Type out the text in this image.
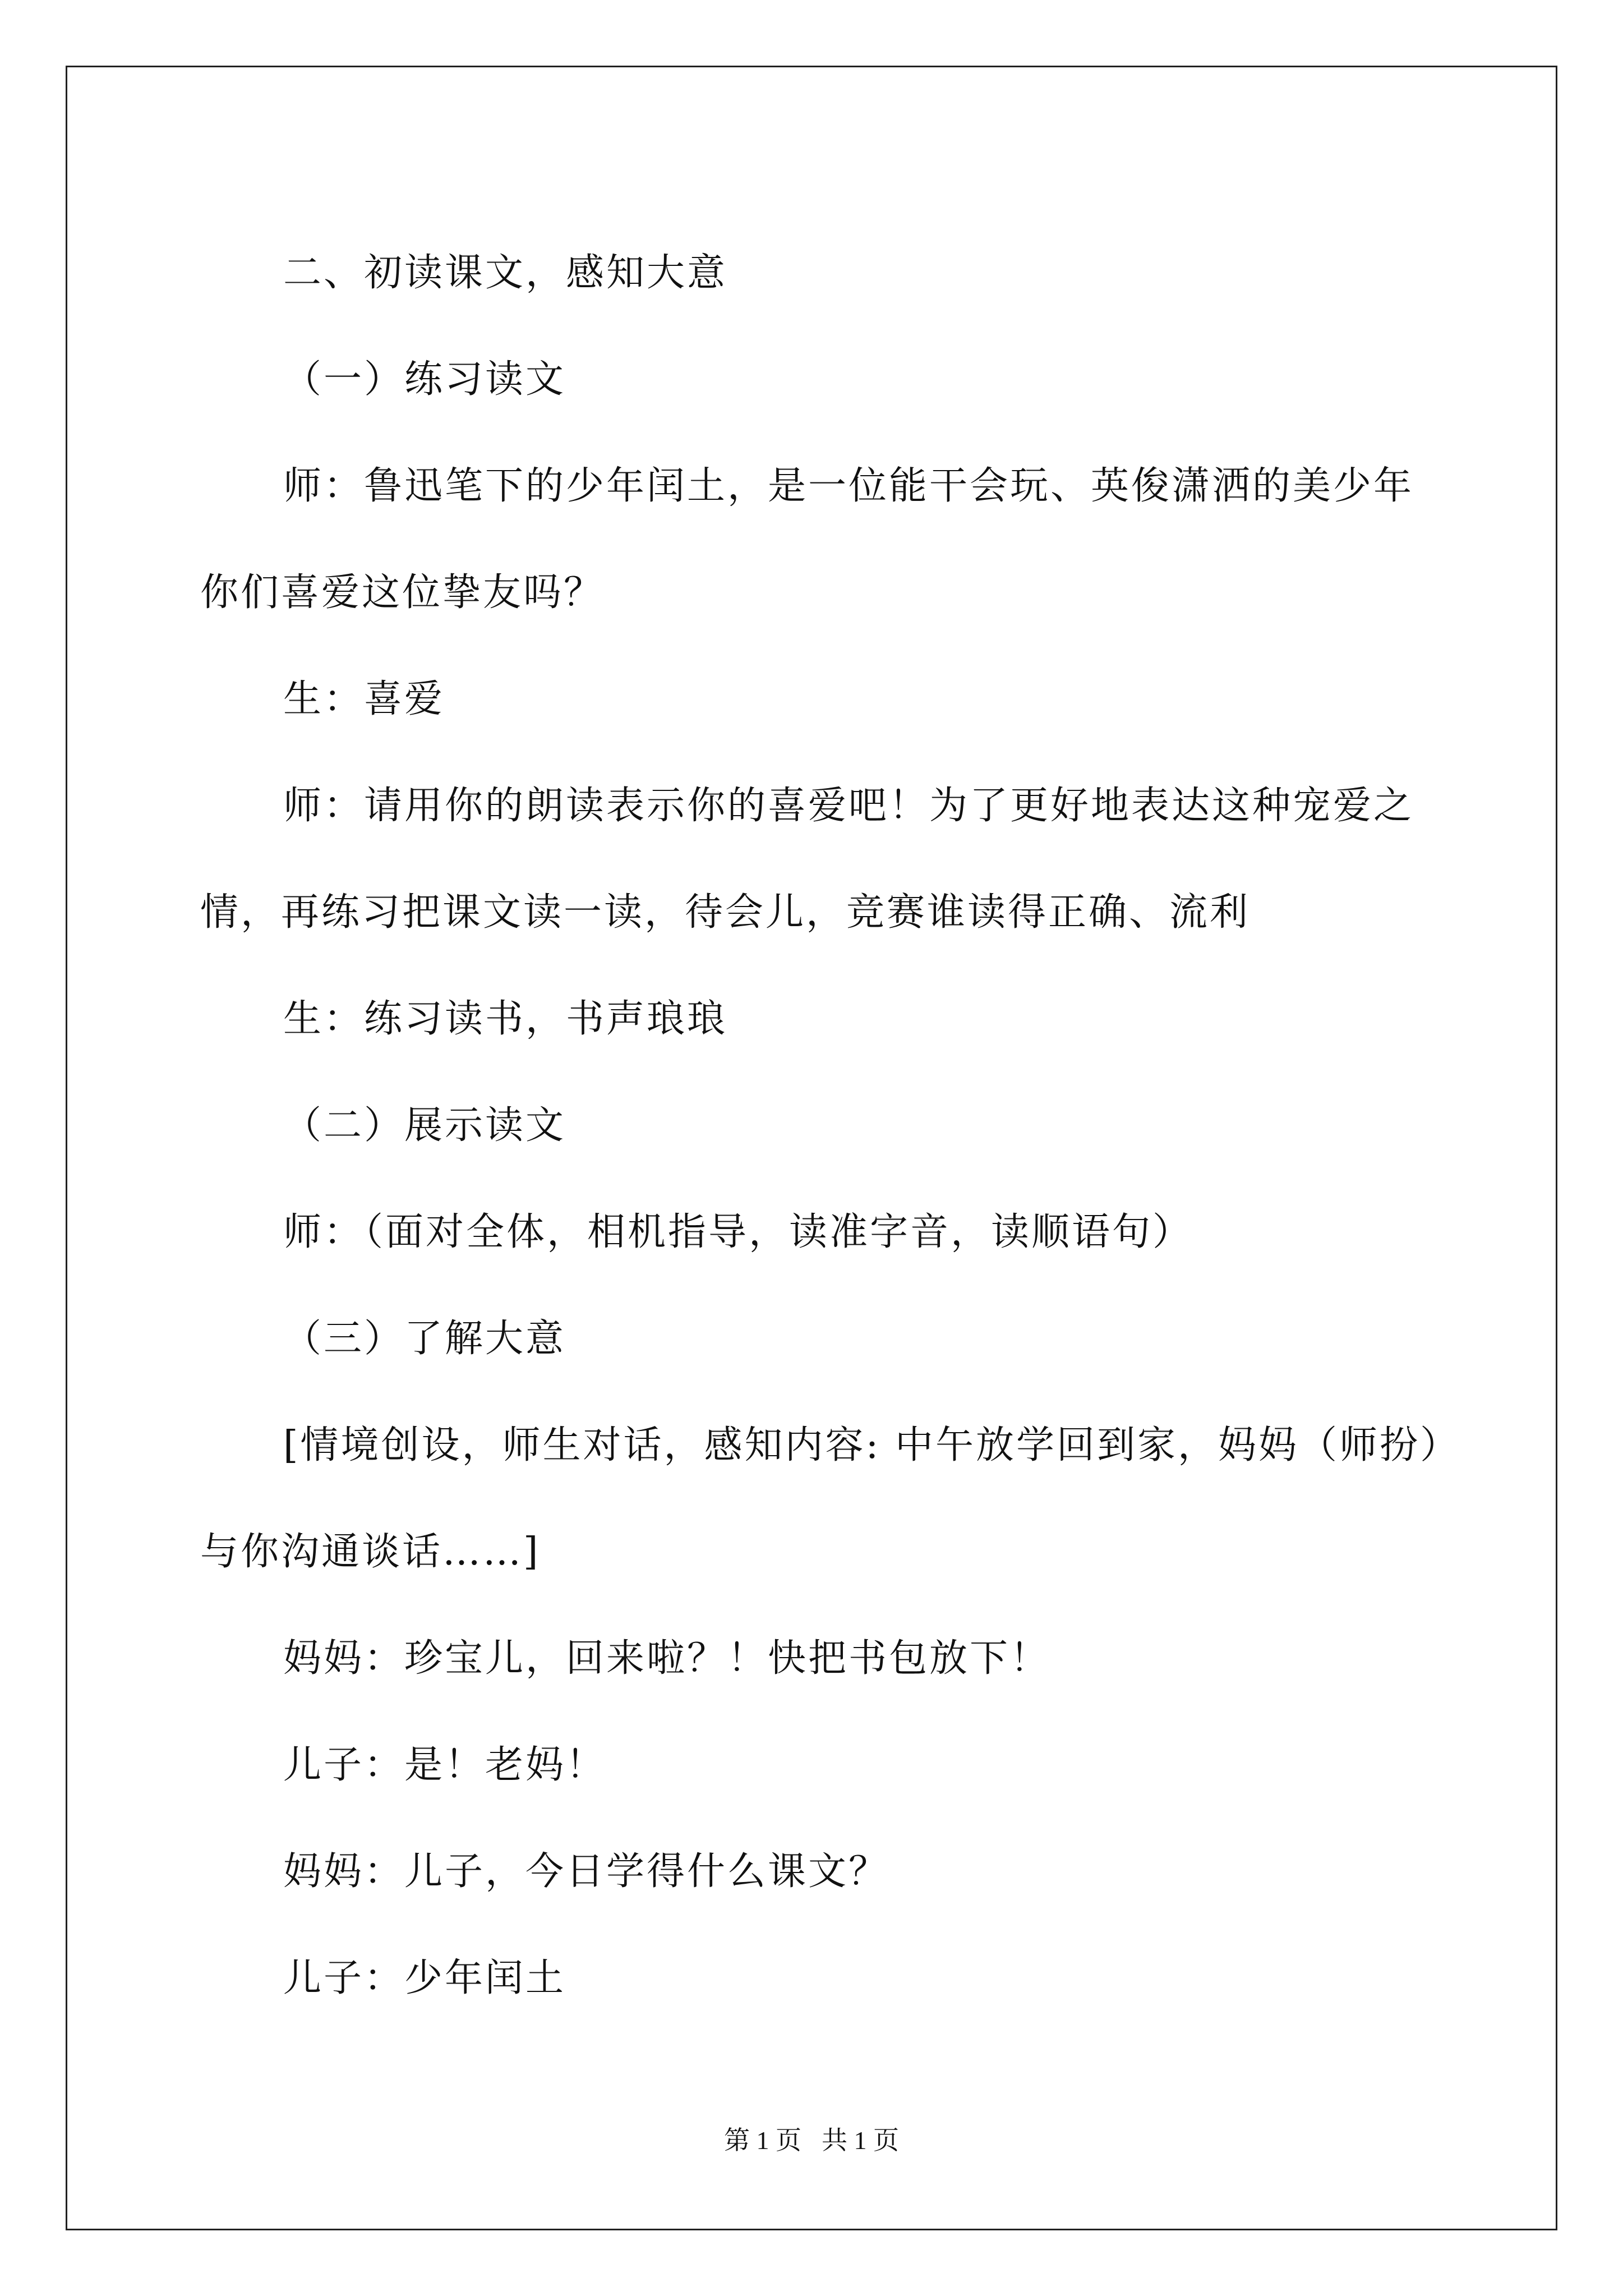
二、初读课文，感知大意

（一）练习读文

师：鲁迅笔下的少年闰土，是一位能干会玩、英俊潇洒的美少年

你们喜爱这位挚友吗？

生：喜爱

师：请用你的朗读表示你的喜爱吧！为了更好地表达这种宠爱之

情，再练习把课文读一读，待会儿，竞赛谁读得正确、流利

生：练习读书，书声琅琅

（二）展示读文

师：（面对全体，相机指导，读准字音，读顺语句）

（三）了解大意

[情境创设，师生对话，感知内容: 中午放学回到家，妈妈（师扮）

与你沟通谈话……]

妈妈：珍宝儿，回来啦？！快把书包放下！

儿子：是！老妈！

妈妈：儿子，今日学得什么课文？

儿子：少年闰土

第 1 页 共 1 页
